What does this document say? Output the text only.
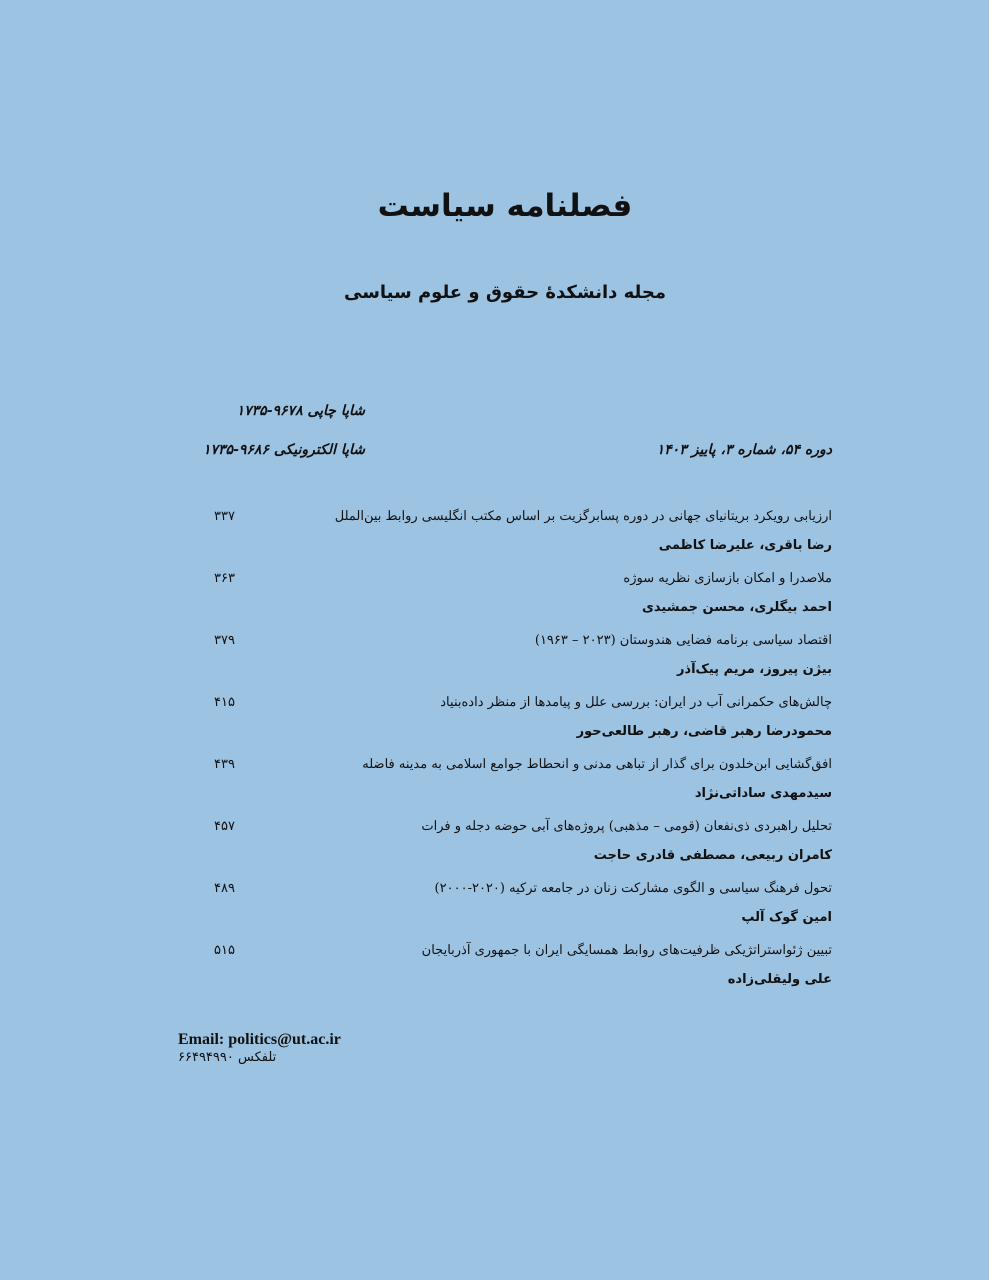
فصلنامه سیاست
مجله دانشکدۀ حقوق و علوم سیاسی
شاپا چاپی ۹۶۷۸-۱۷۳۵
شاپا الکترونیکی ۹۶۸۶-۱۷۳۵	دوره ۵۴، شماره ۳، پاییز ۱۴۰۳
ارزیابی رویکرد بریتانیای جهانی در دوره پسابرگزیت بر اساس مکتب انگلیسی روابط بین‌الملل
۳۳۷
رضا باقری، علیرضا کاظمی
ملاصدرا و امکان بازسازی نظریه سوژه
۳۶۳
احمد بیگلری، محسن جمشیدی
اقتصاد سیاسی برنامه فضایی هندوستان (۲۰۲۳ – ۱۹۶۳)
۳۷۹
بیژن پیروز، مریم پیک‌آذر
چالش‌های حکمرانی آب در ایران: بررسی علل و پیامدها از منظر داده‌بنیاد
۴۱۵
محمودرضا رهبر قاضی، رهبر طالعی‌حور
افق‌گشایی ابن‌خلدون برای گذار از تباهی مدنی و انحطاط جوامع اسلامی به مدینه فاضله
۴۳۹
سیدمهدی ساداتی‌نژاد
تحلیل راهبردی ذی‌نفعان (قومی – مذهبی) پروژه‌های آبی حوضه دجله و فرات
۴۵۷
کامران ربیعی، مصطفی قادری حاجت
تحول فرهنگ سیاسی و الگوی مشارکت زنان در جامعه ترکیه (۲۰۲۰-۲۰۰۰)
۴۸۹
امین گوک آلپ
تبیین ژئواستراتژیکی ظرفیت‌های روابط همسایگی ایران با جمهوری آذربایجان
۵۱۵
علی ولیقلی‌زاده
Email: politics@ut.ac.ir
تلفکس ۶۶۴۹۴۹۹۰
